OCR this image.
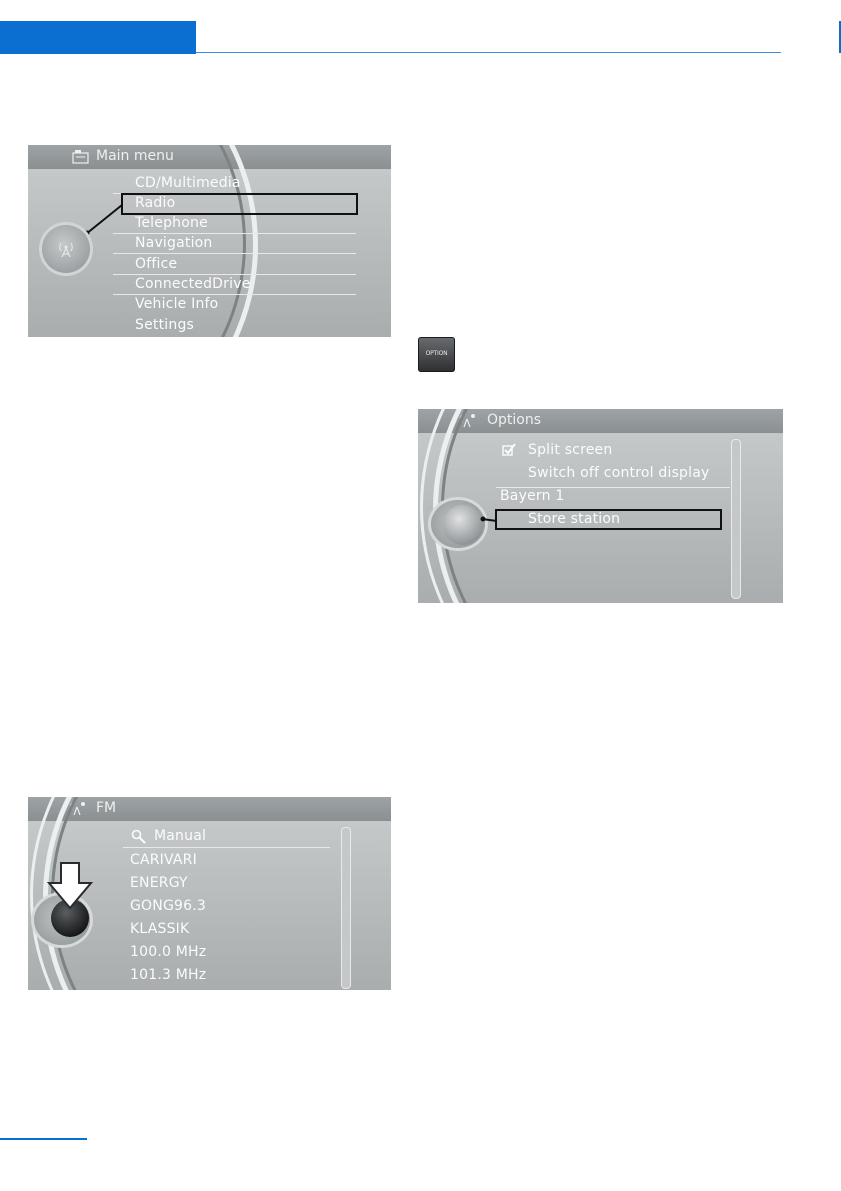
Main menu
CD/Multimedia
Radio
Telephone
Navigation
Office
ConnectedDrive
Vehicle Info
Settings
OPTION
Options
Split screen
Switch off control display
Bayern 1
Store station
FM
Manual
CARIVARI
ENERGY
GONG96.3
KLASSIK
100.0 MHz
101.3 MHz
